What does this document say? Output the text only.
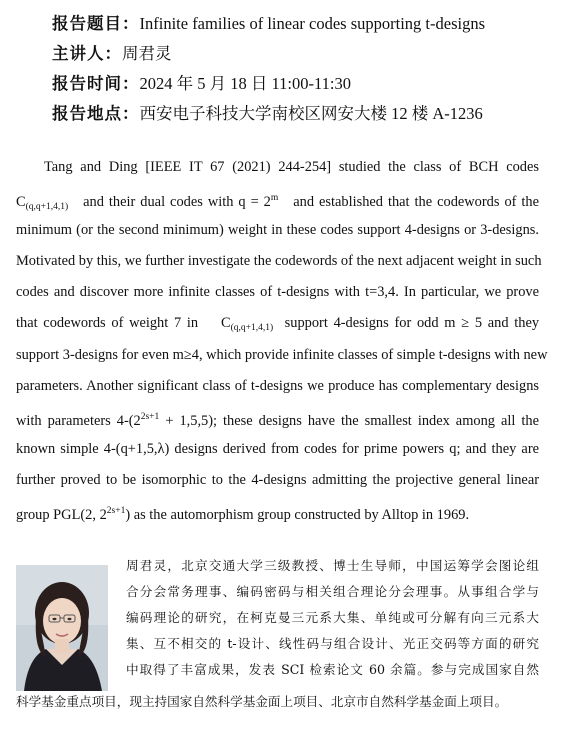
报告题目：Infinite families of linear codes supporting t-designs
主讲人：周君灵
报告时间：2024 年 5 月 18 日 11:00-11:30
报告地点：西安电子科技大学南校区网安大楼 12 楼 A-1236
Tang and Ding [IEEE IT 67 (2021) 244-254] studied the class of BCH codes
$C_{(q,q+1,4,1)}$ and their dual codes with $q = 2^m$ and established that the codewords of the
minimum (or the second minimum) weight in these codes support 4-designs or 3-designs.
Motivated by this, we further investigate the codewords of the next adjacent weight in such
codes and discover more infinite classes of t-designs with t=3,4. In particular, we prove
that codewords of weight 7 in $C_{(q,q+1,4,1)}$ support 4-designs for odd m ≥ 5 and they
support 3-designs for even m≥4, which provide infinite classes of simple t-designs with new
parameters. Another significant class of t-designs we produce has complementary designs
with parameters $4-(2^{2s+1} + 1,5,5)$; these designs have the smallest index among all the
known simple 4-(q+1,5,λ) designs derived from codes for prime powers q; and they are
further proved to be isomorphic to the 4-designs admitting the projective general linear
group PGL(2, $2^{2s+1}$) as the automorphism group constructed by Alltop in 1969.
周君灵，北京交通大学三级教授、博士生导师，中国运筹学会图论组
合分会常务理事、编码密码与相关组合理论分会理事。从事组合学与
编码理论的研究，在柯克曼三元系大集、单纯或可分解有向三元系大
集、互不相交的 t-设计、线性码与组合设计、光正交码等方面的研究
中取得了丰富成果，发表 SCI 检索论文 60 余篇。参与完成国家自然
科学基金重点项目，现主持国家自然科学基金面上项目、北京市自然科学基金面上项目。
